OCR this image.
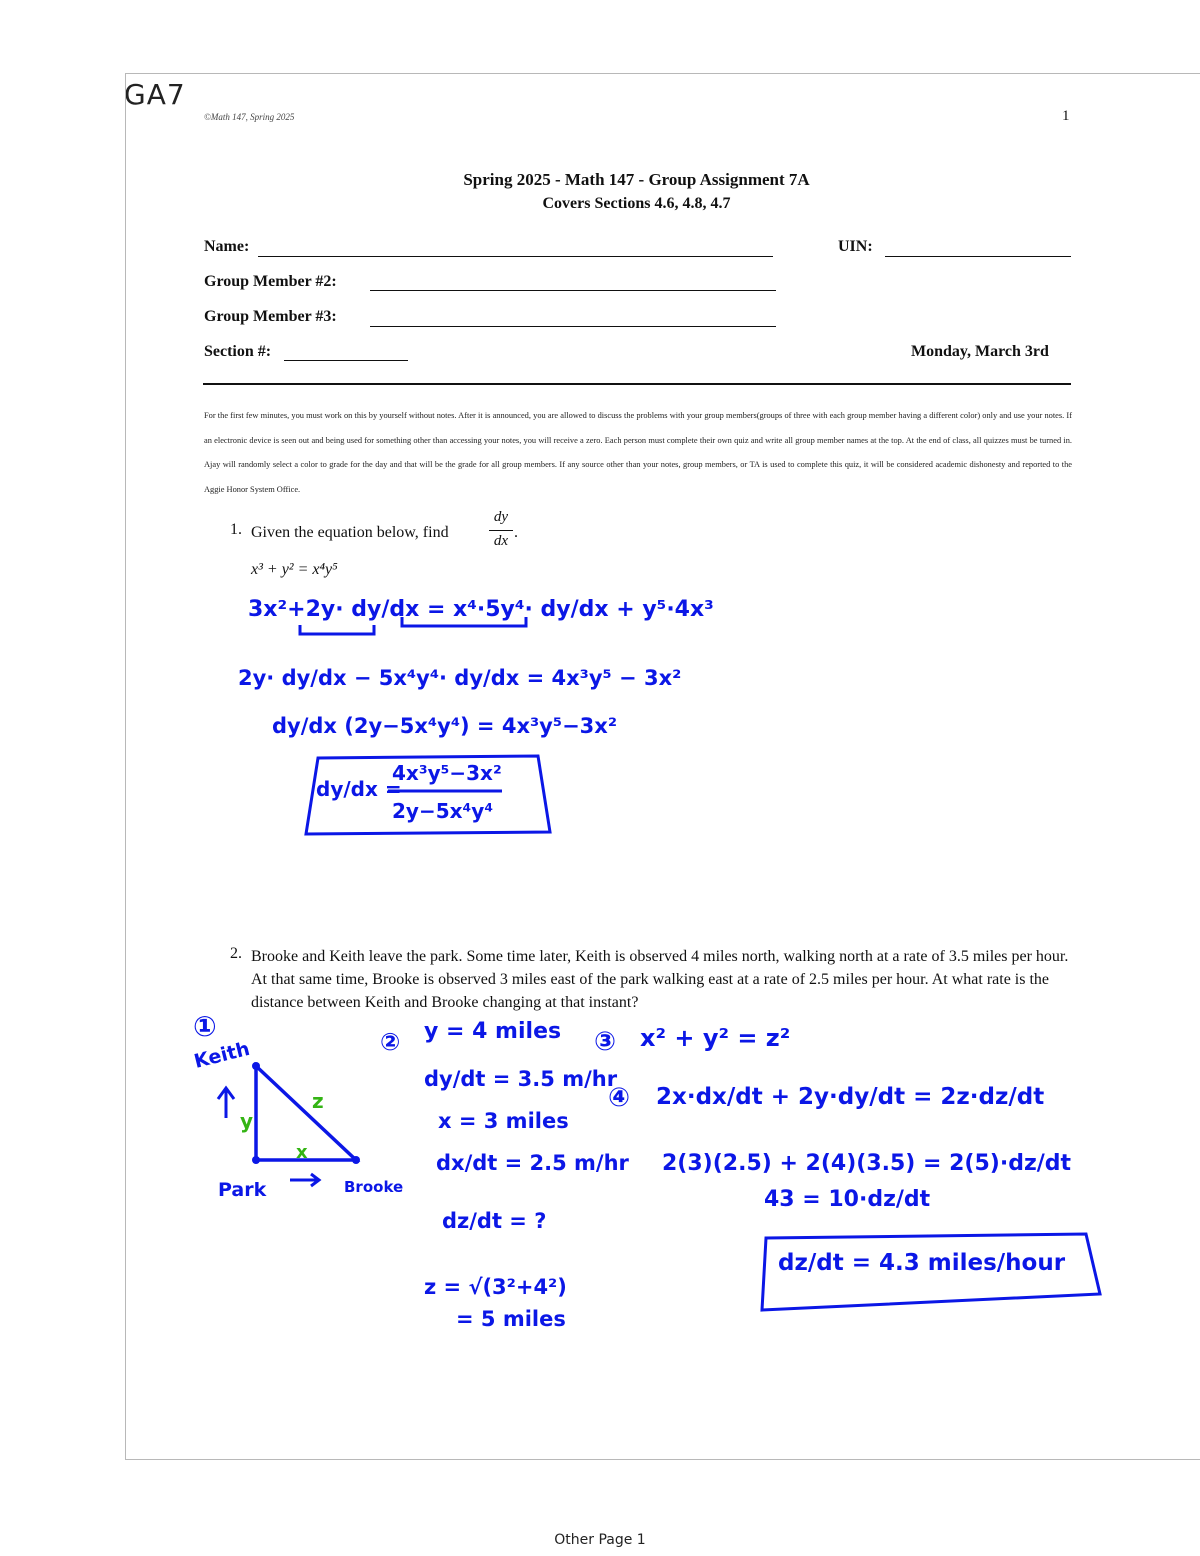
GA7
Other Page 1
©Math 147, Spring 2025	1
Spring 2025 - Math 147 - Group Assignment 7A
Covers Sections 4.6, 4.8, 4.7
Name:	UIN:
Group Member #2:
Group Member #3:
Section #:	Monday, March 3rd
For the first few minutes, you must work on this by yourself without notes. After it is announced, you are allowed to discuss the problems with your group members(groups of three with each group member having a different color) only and use your notes. If an electronic device is seen out and being used for something other than accessing your notes, you will receive a zero. Each person must complete their own quiz and write all group member names at the top. At the end of class, all quizzes must be turned in. Ajay will randomly select a color to grade for the day and that will be the grade for all group members. If any source other than your notes, group members, or TA is used to complete this quiz, it will be considered academic dishonesty and reported to the Aggie Honor System Office.
1. Given the equation below, find
dy
dx .
x³ + y² = x⁴y⁵
2. Brooke and Keith leave the park. Some time later, Keith is observed 4 miles north, walking north at a rate of 3.5 miles per hour. At that same time, Brooke is observed 3 miles east of the park walking east at a rate of 2.5 miles per hour. At what rate is the distance between Keith and Brooke changing at that instant?
3x²+2y· dy/dx = x⁴·5y⁴· dy/dx + y⁵·4x³
2y· dy/dx − 5x⁴y⁴· dy/dx = 4x³y⁵ − 3x²
dy/dx (2y−5x⁴y⁴) = 4x³y⁵−3x²
dy/dx =
4x³y⁵−3x²
2y−5x⁴y⁴
①
Keith
y
x
z
Park	Brooke
② y = 4 miles
dy/dt = 3.5 m/hr
x = 3 miles
dx/dt = 2.5 m/hr
dz/dt = ?
z = √(3²+4²)
= 5 miles
③ x² + y² = z²
④ 2x·dx/dt + 2y·dy/dt = 2z·dz/dt
2(3)(2.5) + 2(4)(3.5) = 2(5)·dz/dt
43 = 10·dz/dt
dz/dt = 4.3 miles/hour
